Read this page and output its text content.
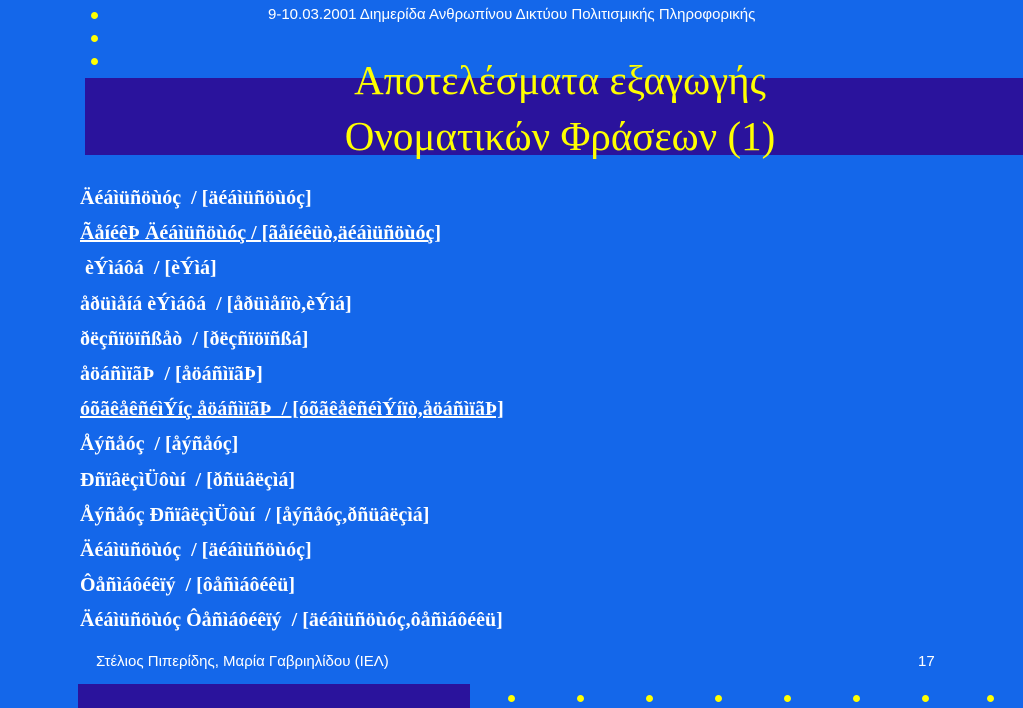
9-10.03.2001 Διημερίδα Ανθρωπίνου Δικτύου Πολιτισμικής Πληροφορικής
Αποτελέσματα εξαγωγής
Ονοματικών Φράσεων (1)
Äéáìüñöùóç  / [äéáìüñöùóç]
ÃåíéêÞ Äéáìüñöùóç / [ãåíéêüò,äéáìüñöùóç]
èÝìáôá  / [èÝìá]
åðüìåíá èÝìáôá  / [åðüìåíïò,èÝìá]
ðëçñïöïñßåò  / [ðëçñïöïñßá]
åöáñìïãÞ  / [åöáñìïãÞ]
óõãêåêñéìÝíç åöáñìïãÞ  / [óõãêåêñéìÝíïò,åöáñìïãÞ]
Åýñåóç  / [åýñåóç]
ÐñïâëçìÜôùí  / [ðñüâëçìá]
Åýñåóç ÐñïâëçìÜôùí  / [åýñåóç,ðñüâëçìá]
Äéáìüñöùóç  / [äéáìüñöùóç]
Ôåñìáôéêïý  / [ôåñìáôéêü]
Äéáìüñöùóç Ôåñìáôéêïý  / [äéáìüñöùóç,ôåñìáôéêü]
Στέλιος Πιπερίδης, Μαρία Γαβριηλίδου (ΙΕΛ)	17
